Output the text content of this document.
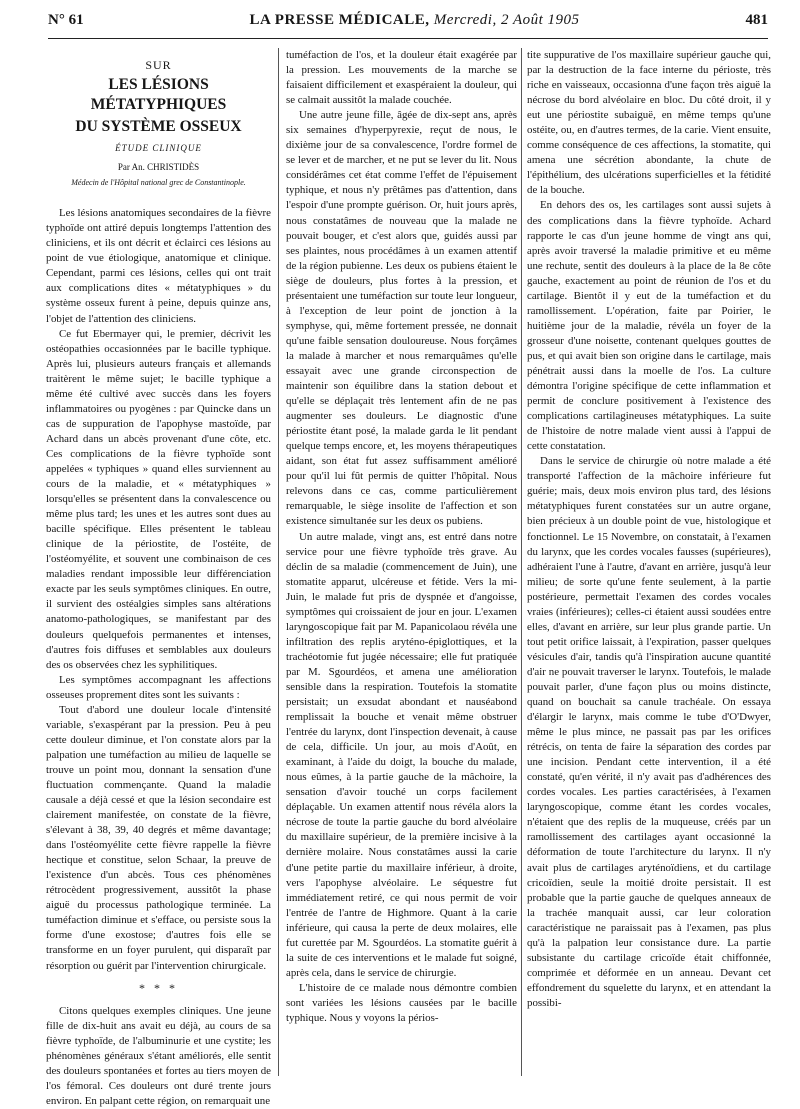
N° 61	LA PRESSE MÉDICALE, Mercredi, 2 Août 1905	481
SUR
LES LÉSIONS MÉTATYPHIQUES
DU SYSTÈME OSSEUX
ÉTUDE CLINIQUE
Par An. CHRISTIDÈS
Médecin de l'Hôpital national grec de Constantinople.

Les lésions anatomiques secondaires de la fièvre typhoïde ont attiré depuis longtemps l'attention des cliniciens, et ils ont décrit et éclairci ces lésions au point de vue étiologique, anatomique et clinique. Cependant, parmi ces lésions, celles qui ont trait aux complications dites « métatyphiques » du système osseux furent à peine, depuis quinze ans, l'objet de l'attention des cliniciens.

Ce fut Ebermayer qui, le premier, décrivit les ostéopathies occasionnées par le bacille typhique. Après lui, plusieurs auteurs français et allemands traitèrent le même sujet; le bacille typhique a même été cultivé avec succès dans les foyers inflammatoires ou pyogènes : par Quincke dans un cas de suppuration de l'apophyse mastoïde, par Achard dans un abcès provenant d'une côte, etc. Ces complications de la fièvre typhoïde sont appelées « typhiques » quand elles surviennent au cours de la maladie, et « métatyphiques » lorsqu'elles se présentent dans la convalescence ou même plus tard; les unes et les autres sont dues au bacille spécifique. Elles présentent le tableau clinique de la périostite, de l'ostéite, de l'ostéomyélite, et souvent une combinaison de ces maladies rendant impossible leur différenciation exacte par les seuls symptômes cliniques. En outre, il survient des ostéalgies simples sans altérations anatomo-pathologiques, se manifestant par des douleurs quelquefois permanentes et intenses, d'autres fois diffuses et semblables aux douleurs des os observées chez les syphilitiques.

Les symptômes accompagnant les affections osseuses proprement dites sont les suivants :

Tout d'abord une douleur locale d'intensité variable, s'exaspérant par la pression. Peu à peu cette douleur diminue, et l'on constate alors par la palpation une tuméfaction au milieu de laquelle se trouve un point mou, donnant la sensation d'une fluctuation commençante. Quand la maladie causale a déjà cessé et que la lésion secondaire est clairement manifestée, on constate de la fièvre, s'élevant à 38, 39, 40 degrés et même davantage; dans l'ostéomyélite cette fièvre rappelle la fièvre hectique et constitue, selon Schaar, la preuve de l'existence d'un abcès. Tous ces phénomènes rétrocèdent progressivement, aussitôt la phase aiguë du processus pathologique terminée. La tuméfaction diminue et s'efface, ou persiste sous la forme d'une exostose; d'autres fois elle se transforme en un foyer purulent, qui disparaît par résorption ou guérit par l'intervention chirurgicale.

* * *

Citons quelques exemples cliniques. Une jeune fille de dix-huit ans avait eu déjà, au cours de sa fièvre typhoïde, de l'albuminurie et une cystite; les phénomènes généraux s'étant améliorés, elle sentit des douleurs spontanées et fortes au tiers moyen de l'os fémoral. Ces douleurs ont duré trente jours environ. En palpant cette région, on remarquait une

tuméfaction de l'os, et la douleur était exagérée par la pression. Les mouvements de la marche se faisaient difficilement et exaspéraient la douleur, qui se calmait aussitôt la malade couchée.

Une autre jeune fille, âgée de dix-sept ans, après six semaines d'hyperpyrexie, reçut de nous, le dixième jour de sa convalescence, l'ordre formel de se lever et de marcher, et ne put se lever du lit. Nous considérâmes cet état comme l'effet de l'épuisement typhique, et nous n'y prêtâmes pas d'attention, dans l'espoir d'une prompte guérison. Or, huit jours après, nous constatâmes de nouveau que la malade ne pouvait bouger, et c'est alors que, guidés aussi par ses plaintes, nous procédâmes à un examen attentif de la région pubienne. Les deux os pubiens étaient le siège de douleurs, plus fortes à la pression, et présentaient une tuméfaction sur toute leur longueur, à l'exception de leur point de jonction à la symphyse, qui, même fortement pressée, ne donnait qu'une faible sensation douloureuse. Nous forçâmes la malade à marcher et nous remarquâmes qu'elle essayait avec une grande circonspection de maintenir son équilibre dans la station debout et qu'elle se déplaçait très lentement afin de ne pas augmenter ses douleurs. Le diagnostic d'une périostite étant posé, la malade garda le lit pendant quelque temps encore, et, les moyens thérapeutiques aidant, son état fut assez suffisamment amélioré pour qu'il lui fût permis de quitter l'hôpital. Nous relevons dans ce cas, comme particulièrement remarquable, le siège insolite de l'affection et son existence simultanée sur les deux os pubiens.

Un autre malade, vingt ans, est entré dans notre service pour une fièvre typhoïde très grave. Au déclin de sa maladie (commencement de Juin), une stomatite apparut, ulcéreuse et fétide. Vers la mi-Juin, le malade fut pris de dyspnée et d'angoisse, symptômes qui croissaient de jour en jour. L'examen laryngoscopique fait par M. Papanicolaou révéla une infiltration des replis aryténo-épiglottiques, et la trachéotomie fut jugée nécessaire; elle fut pratiquée par M. Sgourdéos, et amena une amélioration sensible dans la respiration. Toutefois la stomatite persistait; un exsudat abondant et nauséabond remplissait la bouche et venait même obstruer l'entrée du larynx, dont l'inspection devenait, à cause de cela, difficile. Un jour, au mois d'Août, en examinant, à l'aide du doigt, la bouche du malade, nous eûmes, à la partie gauche de la mâchoire, la sensation d'avoir touché un corps facilement déplaçable. Un examen attentif nous révéla alors la nécrose de toute la partie gauche du bord alvéolaire du maxillaire supérieur, de la première incisive à la dernière molaire. Nous constatâmes aussi la carie d'une petite partie du maxillaire inférieur, à droite, vers l'apophyse alvéolaire. Le séquestre fut immédiatement retiré, ce qui nous permit de voir l'entrée de l'antre de Highmore. Quant à la carie inférieure, qui causa la perte de deux molaires, elle fut curettée par M. Sgourdéos. La stomatite guérit à la suite de ces interventions et le malade fut soigné, après cela, dans le service de chirurgie.

L'histoire de ce malade nous démontre combien sont variées les lésions causées par le bacille typhique. Nous y voyons la périos-

tite suppurative de l'os maxillaire supérieur gauche qui, par la destruction de la face interne du périoste, très riche en vaisseaux, occasionna d'une façon très aiguë la nécrose du bord alvéolaire en bloc. Du côté droit, il y eut une périostite subaiguë, en même temps qu'une ostéite, ou, en d'autres termes, de la carie. Vient ensuite, comme conséquence de ces affections, la stomatite, qui amena une sécrétion abondante, la chute de l'épithélium, des ulcérations superficielles et la fétidité de la bouche.

En dehors des os, les cartilages sont aussi sujets à des complications dans la fièvre typhoïde. Achard rapporte le cas d'un jeune homme de vingt ans qui, après avoir traversé la maladie primitive et eu même une rechute, sentit des douleurs à la place de la 8e côte gauche, exactement au point de réunion de l'os et du cartilage. Bientôt il y eut de la tuméfaction et du ramollissement. L'opération, faite par Poirier, le huitième jour de la maladie, révéla un foyer de la grosseur d'une noisette, contenant quelques gouttes de pus, et qui avait bien son origine dans le cartilage, mais pénétrait aussi dans la moelle de l'os. La culture démontra l'origine spécifique de cette inflammation et permit de conclure positivement à l'existence des complications cartilagineuses métatyphiques. La suite de l'histoire de notre malade vient aussi à l'appui de cette constatation.

Dans le service de chirurgie où notre malade a été transporté l'affection de la mâchoire inférieure fut guérie; mais, deux mois environ plus tard, des lésions métatyphiques furent constatées sur un autre organe, bien précieux à un double point de vue, histologique et fonctionnel. Le 15 Novembre, on constatait, à l'examen du larynx, que les cordes vocales fausses (supérieures), adhéraient l'une à l'autre, d'avant en arrière, jusqu'à leur milieu; de sorte qu'une fente seulement, à la partie postérieure, permettait l'examen des cordes vocales vraies (inférieures); celles-ci étaient aussi soudées entre elles, d'avant en arrière, sur leur plus grande partie. Un tout petit orifice laissait, à l'expiration, passer quelques vésicules d'air, tandis qu'à l'inspiration aucune quantité d'air ne pouvait traverser le larynx. Toutefois, le malade pouvait parler, d'une façon plus ou moins distincte, quand on bouchait sa canule trachéale. On essaya d'élargir le larynx, mais comme le tube d'O'Dwyer, même le plus mince, ne passait pas par les orifices rétrécis, on tenta de faire la séparation des cordes par une incision. Pendant cette intervention, il a été constaté, qu'en vérité, il n'y avait pas d'adhérences des cordes vocales. Les parties caractérisées, à l'examen laryngoscopique, comme étant les cordes vocales, n'étaient que des replis de la muqueuse, créés par un ramollissement des cartilages ayant occasionné la déformation de toute l'architecture du larynx. Il n'y avait plus de cartilages aryténoïdiens, et du cartilage cricoïdien, seule la moitié droite persistait. Il est probable que la partie gauche de quelques anneaux de la trachée manquait aussi, car leur coloration caractéristique ne paraissait pas à l'examen, pas plus qu'à la palpation leur consistance dure. La partie subsistante du cartilage cricoïde était chiffonnée, comprimée et déformée en un anneau. Devant cet effondrement du squelette du larynx, et en attendant la possibi-
